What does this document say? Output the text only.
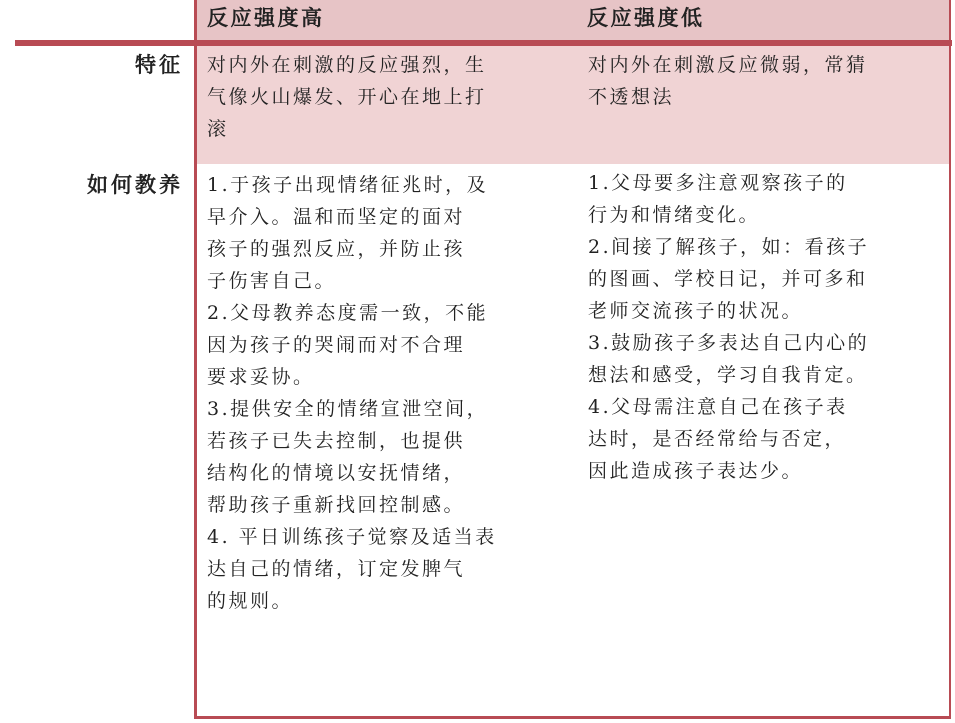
反应强度高	反应强度低
特征
如何教养
对内外在刺激的反应强烈，生
气像火山爆发、开心在地上打
滚
对内外在刺激反应微弱，常猜
不透想法
1.于孩子出现情绪征兆时，及
早介入。温和而坚定的面对
孩子的强烈反应，并防止孩
子伤害自己。
2.父母教养态度需一致，不能
因为孩子的哭闹而对不合理
要求妥协。
3.提供安全的情绪宣泄空间，
若孩子已失去控制，也提供
结构化的情境以安抚情绪，
帮助孩子重新找回控制感。
4. 平日训练孩子觉察及适当表
达自己的情绪，订定发脾气
的规则。
1.父母要多注意观察孩子的
行为和情绪变化。
2.间接了解孩子，如：看孩子
的图画、学校日记，并可多和
老师交流孩子的状况。
3.鼓励孩子多表达自己内心的
想法和感受，学习自我肯定。
4.父母需注意自己在孩子表
达时，是否经常给与否定，
因此造成孩子表达少。
